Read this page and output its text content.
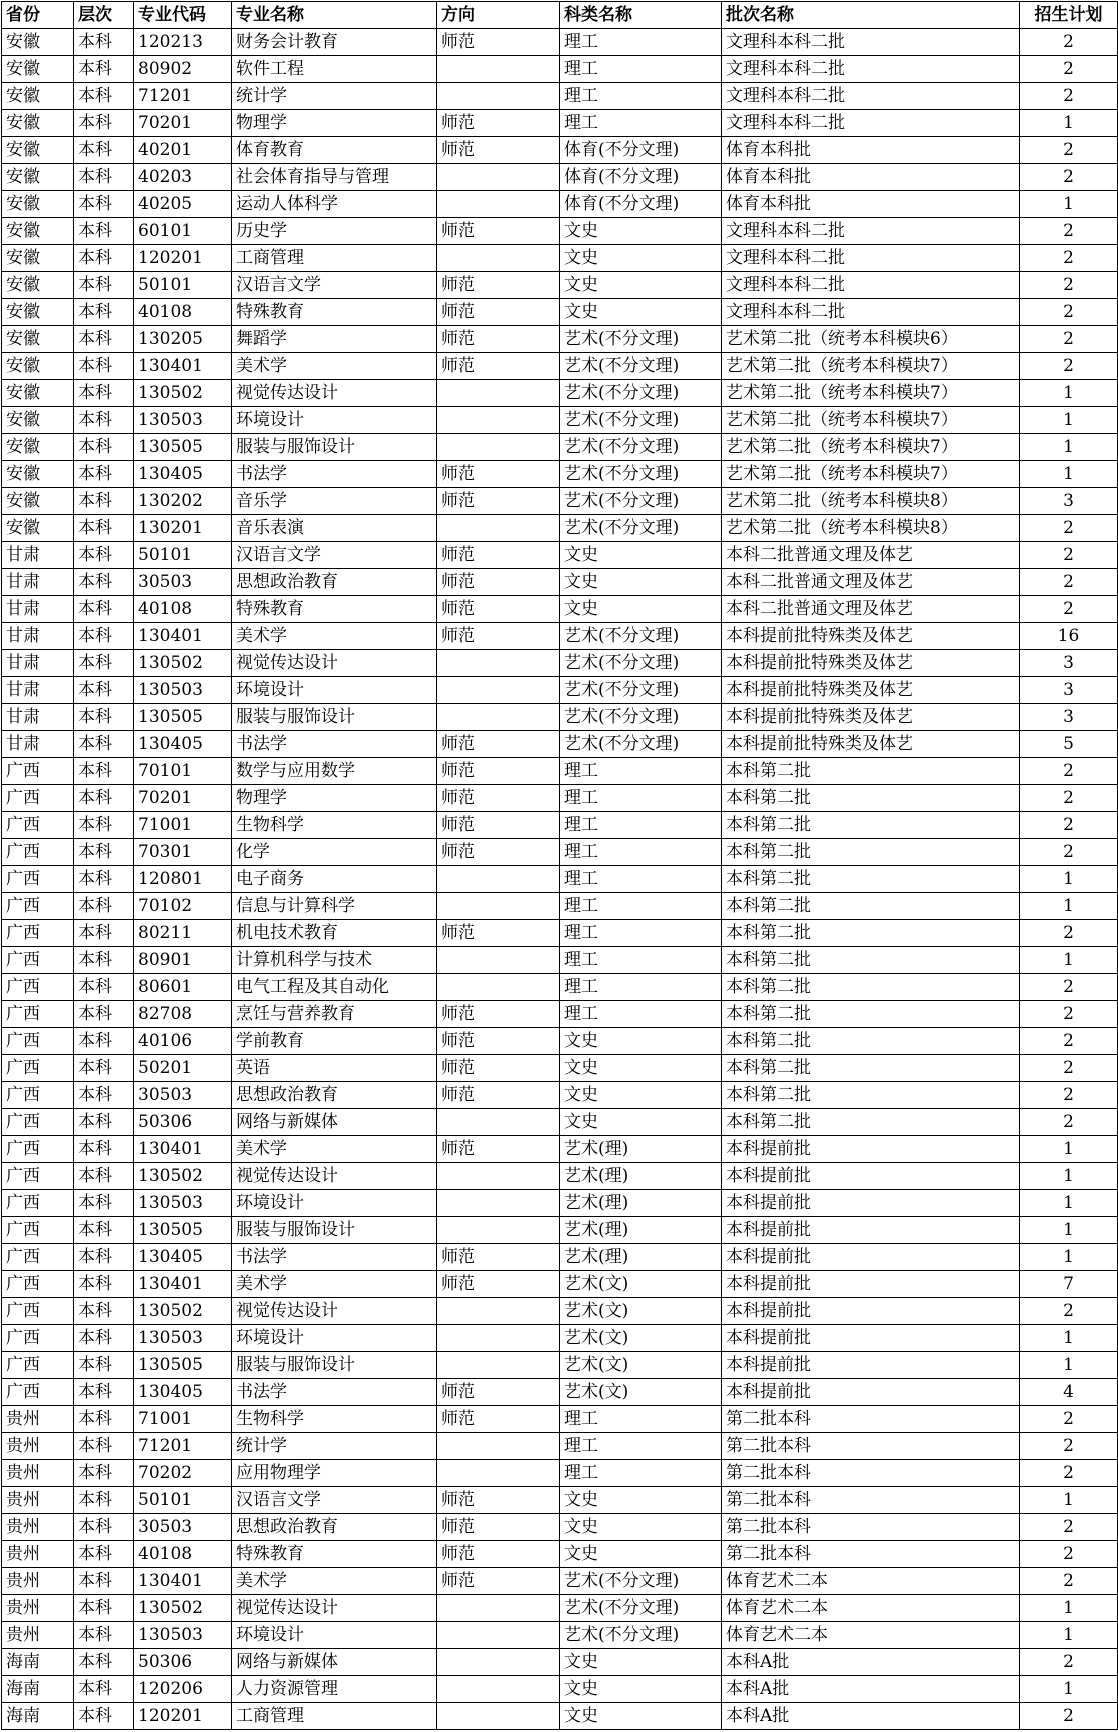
省份	层次	专业代码	专业名称	方向	科类名称	批次名称	招生计划
安徽	本科	120213	财务会计教育	师范	理工	文理科本科二批	2
安徽	本科	80902	软件工程		理工	文理科本科二批	2
安徽	本科	71201	统计学		理工	文理科本科二批	2
安徽	本科	70201	物理学	师范	理工	文理科本科二批	1
安徽	本科	40201	体育教育	师范	体育(不分文理)	体育本科批	2
安徽	本科	40203	社会体育指导与管理		体育(不分文理)	体育本科批	2
安徽	本科	40205	运动人体科学		体育(不分文理)	体育本科批	1
安徽	本科	60101	历史学	师范	文史	文理科本科二批	2
安徽	本科	120201	工商管理		文史	文理科本科二批	2
安徽	本科	50101	汉语言文学	师范	文史	文理科本科二批	2
安徽	本科	40108	特殊教育	师范	文史	文理科本科二批	2
安徽	本科	130205	舞蹈学	师范	艺术(不分文理)	艺术第二批（统考本科模块6）	2
安徽	本科	130401	美术学	师范	艺术(不分文理)	艺术第二批（统考本科模块7）	2
安徽	本科	130502	视觉传达设计		艺术(不分文理)	艺术第二批（统考本科模块7）	1
安徽	本科	130503	环境设计		艺术(不分文理)	艺术第二批（统考本科模块7）	1
安徽	本科	130505	服装与服饰设计		艺术(不分文理)	艺术第二批（统考本科模块7）	1
安徽	本科	130405	书法学	师范	艺术(不分文理)	艺术第二批（统考本科模块7）	1
安徽	本科	130202	音乐学	师范	艺术(不分文理)	艺术第二批（统考本科模块8）	3
安徽	本科	130201	音乐表演		艺术(不分文理)	艺术第二批（统考本科模块8）	2
甘肃	本科	50101	汉语言文学	师范	文史	本科二批普通文理及体艺	2
甘肃	本科	30503	思想政治教育	师范	文史	本科二批普通文理及体艺	2
甘肃	本科	40108	特殊教育	师范	文史	本科二批普通文理及体艺	2
甘肃	本科	130401	美术学	师范	艺术(不分文理)	本科提前批特殊类及体艺	16
甘肃	本科	130502	视觉传达设计		艺术(不分文理)	本科提前批特殊类及体艺	3
甘肃	本科	130503	环境设计		艺术(不分文理)	本科提前批特殊类及体艺	3
甘肃	本科	130505	服装与服饰设计		艺术(不分文理)	本科提前批特殊类及体艺	3
甘肃	本科	130405	书法学	师范	艺术(不分文理)	本科提前批特殊类及体艺	5
广西	本科	70101	数学与应用数学	师范	理工	本科第二批	2
广西	本科	70201	物理学	师范	理工	本科第二批	2
广西	本科	71001	生物科学	师范	理工	本科第二批	2
广西	本科	70301	化学	师范	理工	本科第二批	2
广西	本科	120801	电子商务		理工	本科第二批	1
广西	本科	70102	信息与计算科学		理工	本科第二批	1
广西	本科	80211	机电技术教育	师范	理工	本科第二批	2
广西	本科	80901	计算机科学与技术		理工	本科第二批	1
广西	本科	80601	电气工程及其自动化		理工	本科第二批	2
广西	本科	82708	烹饪与营养教育	师范	理工	本科第二批	2
广西	本科	40106	学前教育	师范	文史	本科第二批	2
广西	本科	50201	英语	师范	文史	本科第二批	2
广西	本科	30503	思想政治教育	师范	文史	本科第二批	2
广西	本科	50306	网络与新媒体		文史	本科第二批	2
广西	本科	130401	美术学	师范	艺术(理)	本科提前批	1
广西	本科	130502	视觉传达设计		艺术(理)	本科提前批	1
广西	本科	130503	环境设计		艺术(理)	本科提前批	1
广西	本科	130505	服装与服饰设计		艺术(理)	本科提前批	1
广西	本科	130405	书法学	师范	艺术(理)	本科提前批	1
广西	本科	130401	美术学	师范	艺术(文)	本科提前批	7
广西	本科	130502	视觉传达设计		艺术(文)	本科提前批	2
广西	本科	130503	环境设计		艺术(文)	本科提前批	1
广西	本科	130505	服装与服饰设计		艺术(文)	本科提前批	1
广西	本科	130405	书法学	师范	艺术(文)	本科提前批	4
贵州	本科	71001	生物科学	师范	理工	第二批本科	2
贵州	本科	71201	统计学		理工	第二批本科	2
贵州	本科	70202	应用物理学		理工	第二批本科	2
贵州	本科	50101	汉语言文学	师范	文史	第二批本科	1
贵州	本科	30503	思想政治教育	师范	文史	第二批本科	2
贵州	本科	40108	特殊教育	师范	文史	第二批本科	2
贵州	本科	130401	美术学	师范	艺术(不分文理)	体育艺术二本	2
贵州	本科	130502	视觉传达设计		艺术(不分文理)	体育艺术二本	1
贵州	本科	130503	环境设计		艺术(不分文理)	体育艺术二本	1
海南	本科	50306	网络与新媒体		文史	本科A批	2
海南	本科	120206	人力资源管理		文史	本科A批	1
海南	本科	120201	工商管理		文史	本科A批	2
